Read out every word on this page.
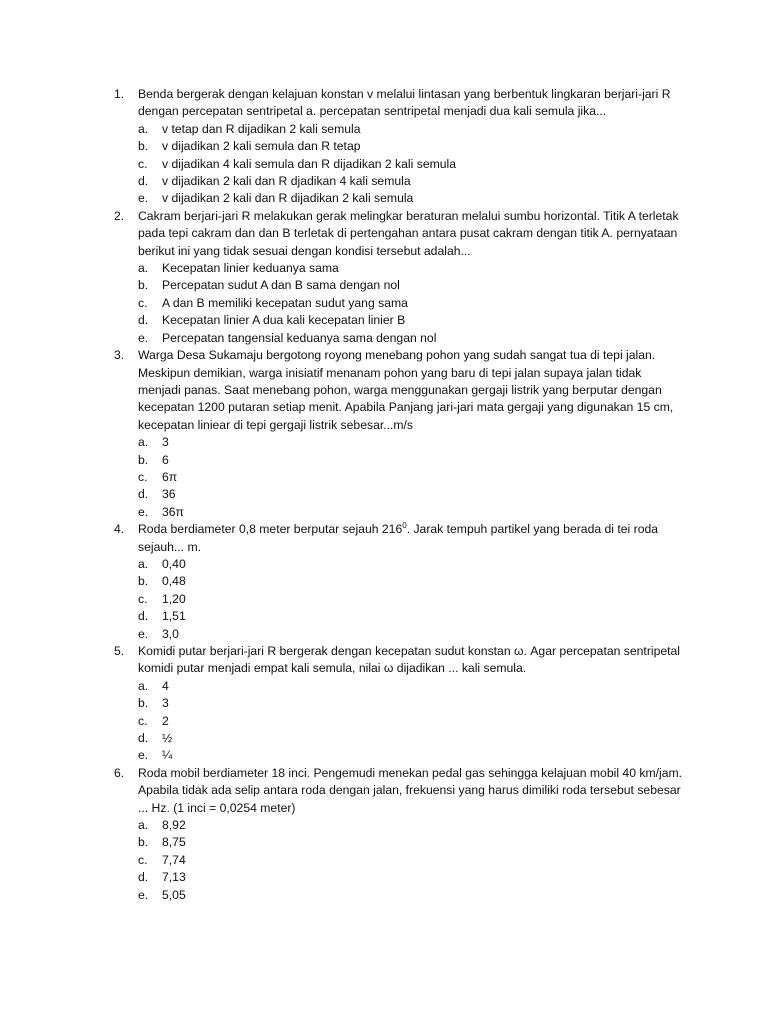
1.	Benda bergerak dengan kelajuan konstan v melalui lintasan yang berbentuk lingkaran berjari-jari R dengan percepatan sentripetal a. percepatan sentripetal menjadi dua kali semula jika...
a. v tetap dan R dijadikan 2 kali semula
b. v dijadikan 2 kali semula dan R tetap
c. v dijadikan 4 kali semula dan R dijadikan 2 kali semula
d. v dijadikan 2 kali dan R djadikan 4 kali semula
e. v dijadikan 2 kali dan R dijadikan 2 kali semula
2.	Cakram berjari-jari R melakukan gerak melingkar beraturan melalui sumbu horizontal. Titik A terletak pada tepi cakram dan dan B terletak di pertengahan antara pusat cakram dengan titik A. pernyataan berikut ini yang tidak sesuai dengan kondisi tersebut adalah...
a. Kecepatan linier keduanya sama
b. Percepatan sudut A dan B sama dengan nol
c. A dan B memiliki kecepatan sudut yang sama
d. Kecepatan linier A dua kali kecepatan linier B
e. Percepatan tangensial keduanya sama dengan nol
3.	Warga Desa Sukamaju bergotong royong menebang pohon yang sudah sangat tua di tepi jalan. Meskipun demikian, warga inisiatif menanam pohon yang baru di tepi jalan supaya jalan tidak menjadi panas. Saat menebang pohon, warga menggunakan gergaji listrik yang berputar dengan kecepatan 1200 putaran setiap menit. Apabila Panjang jari-jari mata gergaji yang digunakan 15 cm, kecepatan liniear di tepi gergaji listrik sebesar...m/s
a. 3
b. 6
c. 6π
d. 36
e. 36π
4.	Roda berdiameter 0,8 meter berputar sejauh $216^0$. Jarak tempuh partikel yang berada di tei roda sejauh... m.
a. 0,40
b. 0,48
c. 1,20
d. 1,51
e. 3,0
5.	Komidi putar berjari-jari R bergerak dengan kecepatan sudut konstan ω. Agar percepatan sentripetal komidi putar menjadi empat kali semula, nilai ω dijadikan ... kali semula.
a. 4
b. 3
c. 2
d. ½
e. ¼
6.	Roda mobil berdiameter 18 inci. Pengemudi menekan pedal gas sehingga kelajuan mobil 40 km/jam. Apabila tidak ada selip antara roda dengan jalan, frekuensi yang harus dimiliki roda tersebut sebesar ... Hz. (1 inci = 0,0254 meter)
a. 8,92
b. 8,75
c. 7,74
d. 7,13
e. 5,05
